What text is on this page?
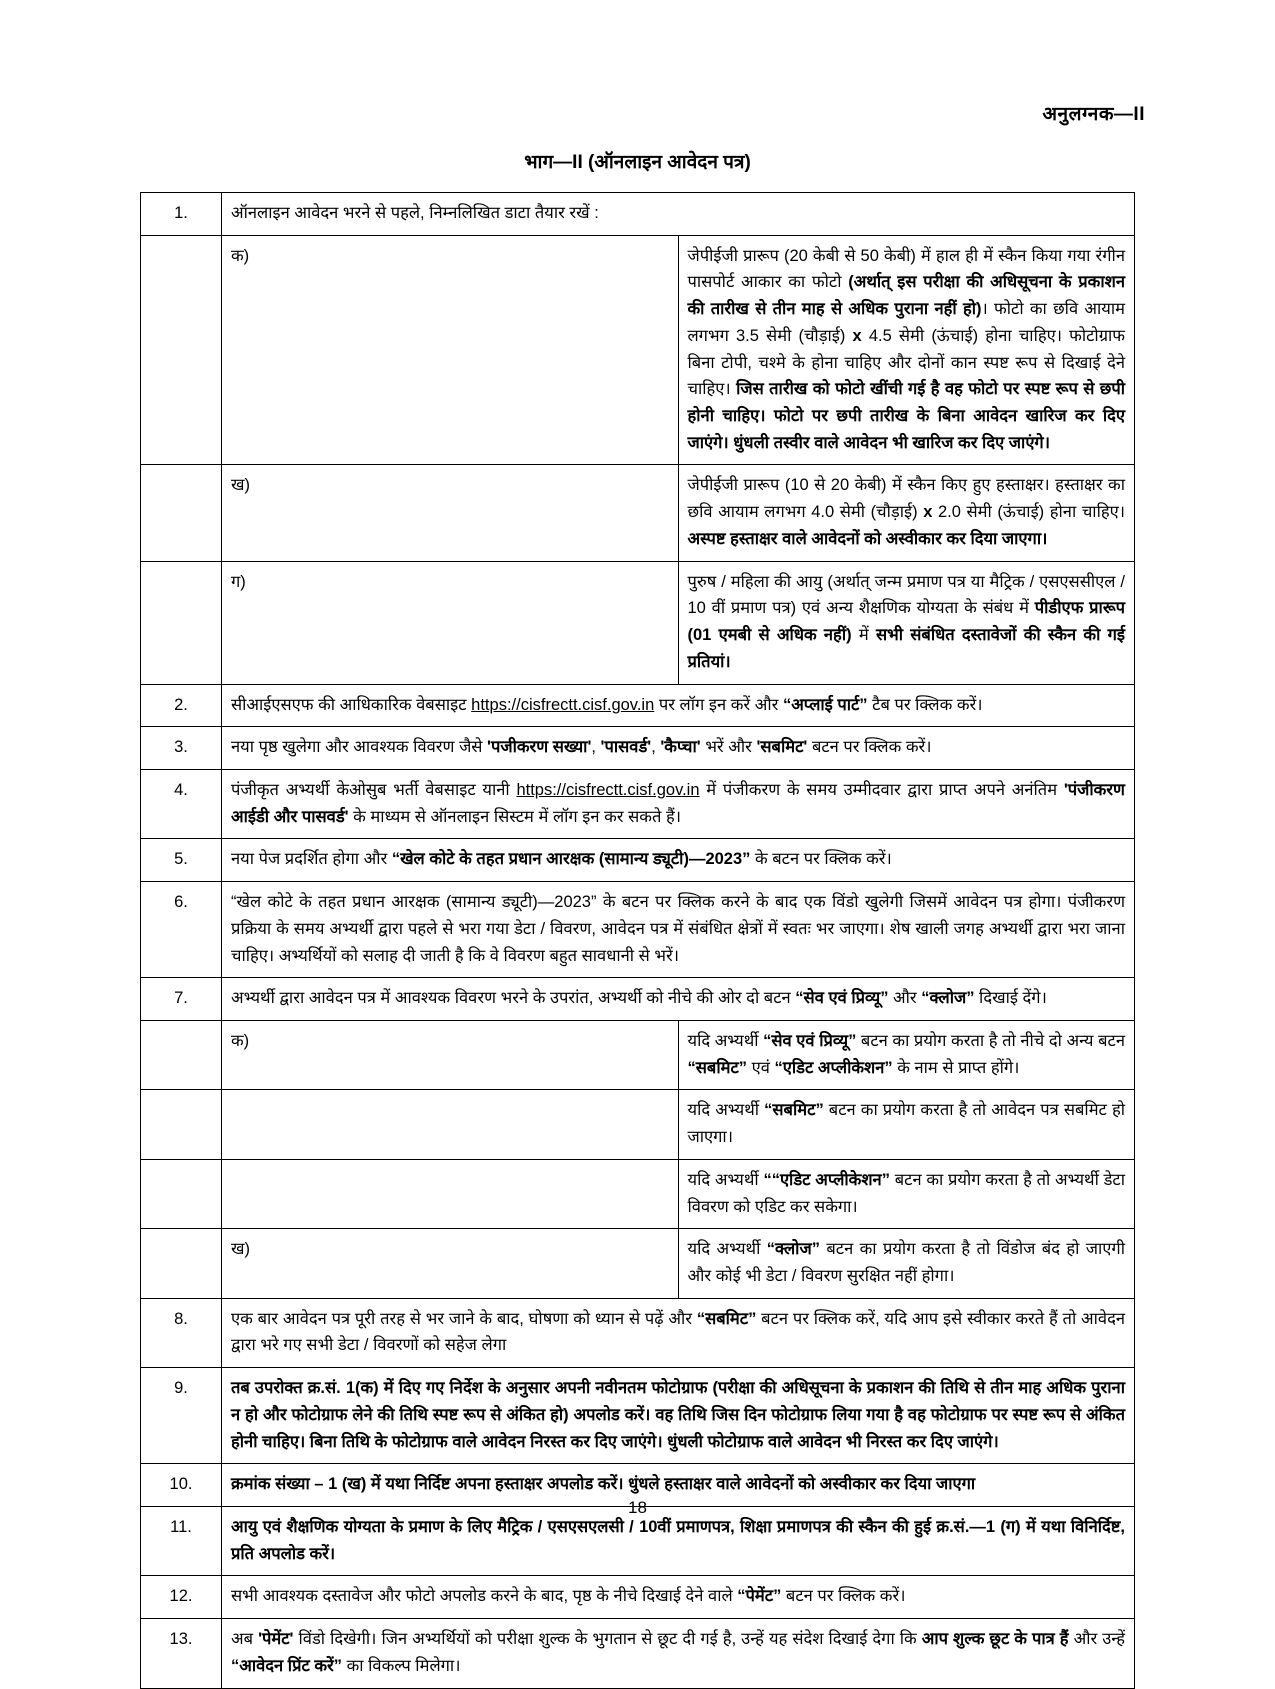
अनुलग्नक—II
भाग—II (ऑनलाइन आवेदन पत्र)
1.	ऑनलाइन आवेदन भरने से पहले, निम्नलिखित डाटा तैयार रखें :	
	क)	जेपीईजी प्रारूप (20 केबी से 50 केबी) में हाल ही में स्कैन किया गया रंगीन पासपोर्ट आकार का फोटो (अर्थात् इस परीक्षा की अधिसूचना के प्रकाशन की तारीख से तीन माह से अधिक पुराना नहीं हो)। फोटो का छवि आयाम लगभग 3.5 सेमी (चौड़ाई) x 4.5 सेमी (ऊंचाई) होना चाहिए। फोटोग्राफ बिना टोपी, चश्मे के होना चाहिए और दोनों कान स्पष्ट रूप से दिखाई देने चाहिए। जिस तारीख को फोटो खींची गई है वह फोटो पर स्पष्ट रूप से छपी होनी चाहिए। फोटो पर छपी तारीख के बिना आवेदन खारिज कर दिए जाएंगे। धुंधली तस्वीर वाले आवेदन भी खारिज कर दिए जाएंगे।
	ख)	जेपीईजी प्रारूप (10 से 20 केबी) में स्कैन किए हुए हस्ताक्षर। हस्ताक्षर का छवि आयाम लगभग 4.0 सेमी (चौड़ाई) x 2.0 सेमी (ऊंचाई) होना चाहिए। अस्पष्ट हस्ताक्षर वाले आवेदनों को अस्वीकार कर दिया जाएगा।
	ग)	पुरुष / महिला की आयु (अर्थात् जन्म प्रमाण पत्र या मैट्रिक / एसएससीएल / 10 वीं प्रमाण पत्र) एवं अन्य शैक्षणिक योग्यता के संबंध में पीडीएफ प्रारूप (01 एमबी से अधिक नहीं) में सभी संबंधित दस्तावेजों की स्कैन की गई प्रतियां।
2.	सीआईएसएफ की आधिकारिक वेबसाइट https://cisfrectt.cisf.gov.in पर लॉग इन करें और “अप्लाई पार्ट” टैब पर क्लिक करें।	
3.	नया पृष्ठ खुलेगा और आवश्यक विवरण जैसे 'पजीकरण सख्या', 'पासवर्ड', 'कैप्चा' भरें और 'सबमिट' बटन पर क्लिक करें।	
4.	पंजीकृत अभ्यर्थी केओसुब भर्ती वेबसाइट यानी https://cisfrectt.cisf.gov.in में पंजीकरण के समय उम्मीदवार द्वारा प्राप्त अपने अनंतिम 'पंजीकरण आईडी और पासवर्ड' के माध्यम से ऑनलाइन सिस्टम में लॉग इन कर सकते हैं।	
5.	नया पेज प्रदर्शित होगा और “खेल कोटे के तहत प्रधान आरक्षक (सामान्य ड्यूटी)—2023” के बटन पर क्लिक करें।	
6.	“खेल कोटे के तहत प्रधान आरक्षक (सामान्य ड्यूटी)—2023” के बटन पर क्लिक करने के बाद एक विंडो खुलेगी जिसमें आवेदन पत्र होगा। पंजीकरण प्रक्रिया के समय अभ्यर्थी द्वारा पहले से भरा गया डेटा / विवरण, आवेदन पत्र में संबंधित क्षेत्रों में स्वतः भर जाएगा। शेष खाली जगह अभ्यर्थी द्वारा भरा जाना चाहिए। अभ्यर्थियों को सलाह दी जाती है कि वे विवरण बहुत सावधानी से भरें।	
7.	अभ्यर्थी द्वारा आवेदन पत्र में आवश्यक विवरण भरने के उपरांत, अभ्यर्थी को नीचे की ओर दो बटन “सेव एवं प्रिव्यू” और “क्लोज” दिखाई देंगे।	
	क)	यदि अभ्यर्थी “सेव एवं प्रिव्यू” बटन का प्रयोग करता है तो नीचे दो अन्य बटन “सबमिट” एवं “एडिट अप्लीकेशन” के नाम से प्राप्त होंगे।
		यदि अभ्यर्थी “सबमिट” बटन का प्रयोग करता है तो आवेदन पत्र सबमिट हो जाएगा।
		यदि अभ्यर्थी ““एडिट अप्लीकेशन” बटन का प्रयोग करता है तो अभ्यर्थी डेटा विवरण को एडिट कर सकेगा।
	ख)	यदि अभ्यर्थी “क्लोज” बटन का प्रयोग करता है तो विंडोज बंद हो जाएगी और कोई भी डेटा / विवरण सुरक्षित नहीं होगा।
8.	एक बार आवेदन पत्र पूरी तरह से भर जाने के बाद, घोषणा को ध्यान से पढ़ें और “सबमिट” बटन पर क्लिक करें, यदि आप इसे स्वीकार करते हैं तो आवेदन द्वारा भरे गए सभी डेटा / विवरणों को सहेज लेगा	
9.	तब उपरोक्त क्र.सं. 1(क) में दिए गए निर्देश के अनुसार अपनी नवीनतम फोटोग्राफ (परीक्षा की अधिसूचना के प्रकाशन की तिथि से तीन माह अधिक पुराना न हो और फोटोग्राफ लेने की तिथि स्पष्ट रूप से अंकित हो) अपलोड करें। वह तिथि जिस दिन फोटोग्राफ लिया गया है वह फोटोग्राफ पर स्पष्ट रूप से अंकित होनी चाहिए। बिना तिथि के फोटोग्राफ वाले आवेदन निरस्त कर दिए जाएंगे। धुंधली फोटोग्राफ वाले आवेदन भी निरस्त कर दिए जाएंगे।	
10.	क्रमांक संख्या – 1 (ख) में यथा निर्दिष्ट अपना हस्ताक्षर अपलोड करें। धुंधले हस्ताक्षर वाले आवेदनों को अस्वीकार कर दिया जाएगा	
11.	आयु एवं शैक्षणिक योग्यता के प्रमाण के लिए मैट्रिक / एसएसएलसी / 10वीं प्रमाणपत्र, शिक्षा प्रमाणपत्र की स्कैन की हुई क्र.सं.—1 (ग) में यथा विनिर्दिष्ट, प्रति अपलोड करें।	
12.	सभी आवश्यक दस्तावेज और फोटो अपलोड करने के बाद, पृष्ठ के नीचे दिखाई देने वाले “पेमेंट” बटन पर क्लिक करें।	
13.	अब 'पेमेंट' विंडो दिखेगी। जिन अभ्यर्थियों को परीक्षा शुल्क के भुगतान से छूट दी गई है, उन्हें यह संदेश दिखाई देगा कि आप शुल्क छूट के पात्र हैं और उन्हें “आवेदन प्रिंट करें” का विकल्प मिलेगा।	
18
